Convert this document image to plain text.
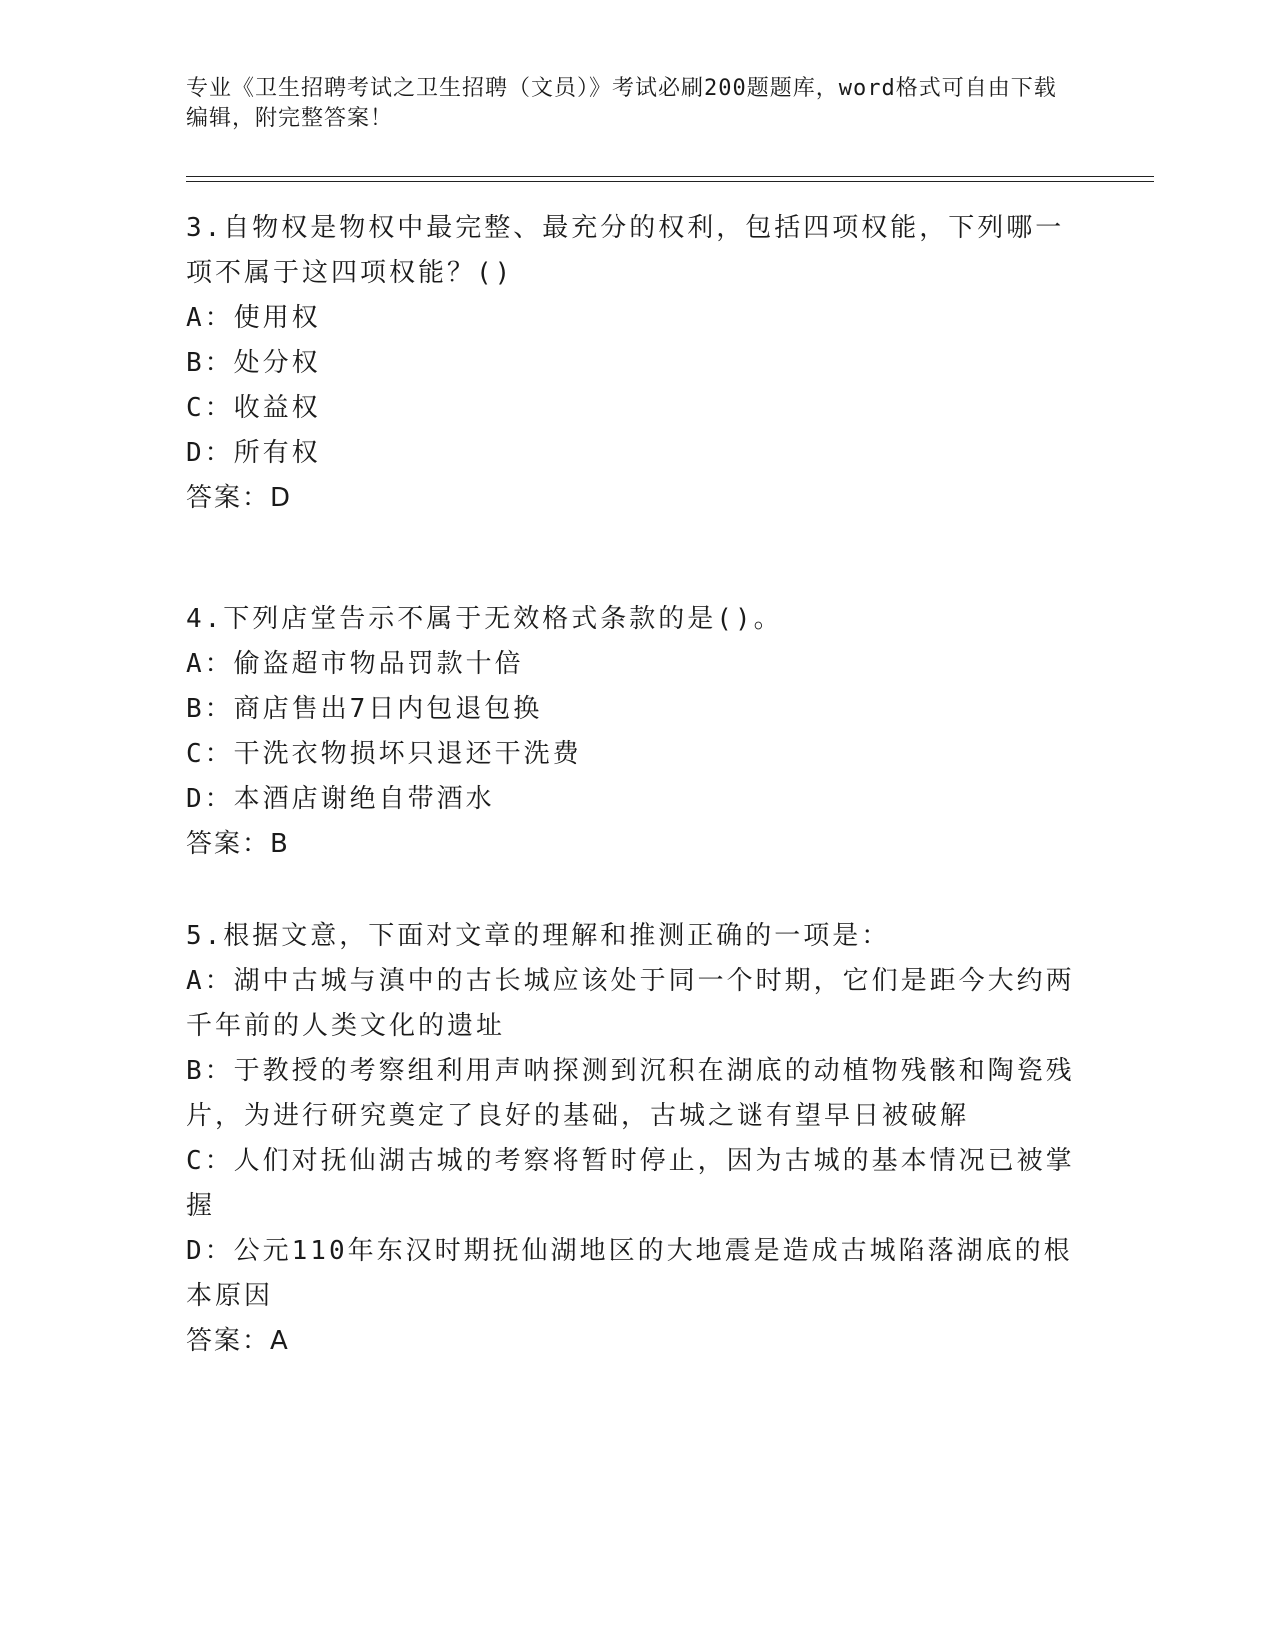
专业《卫生招聘考试之卫生招聘（文员）》考试必刷200题题库，word格式可自由下载编辑，附完整答案！
3.自物权是物权中最完整、最充分的权利，包括四项权能，下列哪一项不属于这四项权能？()
A：使用权
B：处分权
C：收益权
D：所有权
答案：D
4.下列店堂告示不属于无效格式条款的是()。
A：偷盗超市物品罚款十倍
B：商店售出7日内包退包换
C：干洗衣物损坏只退还干洗费
D：本酒店谢绝自带酒水
答案：B
5.根据文意，下面对文章的理解和推测正确的一项是：
A：湖中古城与滇中的古长城应该处于同一个时期，它们是距今大约两千年前的人类文化的遗址
B：于教授的考察组利用声呐探测到沉积在湖底的动植物残骸和陶瓷残片，为进行研究奠定了良好的基础，古城之谜有望早日被破解
C：人们对抚仙湖古城的考察将暂时停止，因为古城的基本情况已被掌握
D：公元110年东汉时期抚仙湖地区的大地震是造成古城陷落湖底的根本原因
答案：A
